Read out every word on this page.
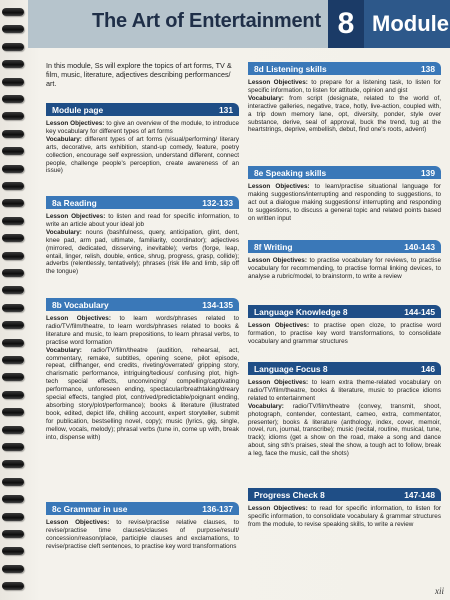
The Art of Entertainment 8 Module
In this module, Ss will explore the topics of art forms, TV & film, music, literature, adjectives describing performances/ art.
Module page	131
Lesson Objectives: to give an overview of the module, to introduce key vocabulary for different types of art forms
Vocabulary: different types of art forms (visual/performing/ literary arts, decorative, arts exhibition, stand-up comedy, feature, poetry collection, encourage self expression, understand different, connect people, challenge people's perception, create awareness of an issue)
8a Reading	132-133
Lesson Objectives: to listen and read for specific information, to write an article about your ideal job
Vocabulary: nouns (bashfulness, query, anticipation, glint, dent, knee pad, arm pad, ultimate, familiarity, coordinator); adjectives (mirrored, dedicated, disserving, inevitable); verbs (forge, leap, entail, linger, relish, double, entice, shrug, progress, grasp, collide); adverbs (relentlessly, tentatively); phrases (risk life and limb, slip off the tongue)
8b Vocabulary	134-135
Lesson Objectives: to learn words/phrases related to radio/TV/film/theatre, to learn words/phrases related to books & literature and music, to learn prepositions, to learn phrasal verbs, to practise word formation
Vocabulary: radio/TV/film/theatre (audition, rehearsal, act, commentary, remake, subtitles, opening scene, pilot episode, repeat, cliffhanger, end credits, riveting/overrated/ gripping story, charismatic performance, intriguing/tedious/ confusing plot, high-tech special effects, unconvincing/ compelling/captivating performance, unforeseen ending, spectacular/breathtaking/dreary special effects, tangled plot, contrived/predictable/poignant ending, absorbing story/plot/performance); books & literature (illustrated book, edited, depict life, chilling account, expert storyteller, submit for publication, bestselling novel, copy); music (lyrics, gig, single, mellow, vocals, melody); phrasal verbs (tune in, come up with, break into, dispense with)
8c Grammar in use	136-137
Lesson Objectives: to revise/practise relative clauses, to revise/practise time clauses/clauses of purpose/result/ concession/reason/place, participle clauses and exclamations, to revise/practise cleft sentences, to practise key word transformations
8d Listening skills	138
Lesson Objectives: to prepare for a listening task, to listen for specific information, to listen for attitude, opinion and gist
Vocabulary: from script (designate, related to the world of, interactive galleries, negative, trace, hotly, live-action, coupled with, a trip down memory lane, opt, diversity, ponder, style over substance, derive, seal of approval, buck the trend, tug at the heartstrings, deprive, embellish, debut, find one's roots, advent)
8e Speaking skills	139
Lesson Objectives: to learn/practise situational language for making suggestions/interrupting and responding to suggestions, to act out a dialogue making suggestions/ interrupting and responding to suggestions, to discuss a general topic and related points based on written input
8f Writing	140-143
Lesson Objectives: to practise vocabulary for reviews, to practise vocabulary for recommending, to practise formal linking devices, to analyse a rubric/model, to brainstorm, to write a review
Language Knowledge 8	144-145
Lesson Objectives: to practise open cloze, to practise word formation, to practise key word transformations, to consolidate vocabulary and grammar structures
Language Focus 8	146
Lesson Objectives: to learn extra theme-related vocabulary on radio/TV/film/theatre, books & literature, music to practice idioms related to entertainment
Vocabulary: radio/TV/film/theatre (convey, transmit, shoot, photograph, contender, contestant, cameo, extra, commentator, presenter); books & literature (anthology, index, cover, memoir, novel, run, journal, transcribe); music (recital, routine, musical, tune, track); idioms (get a show on the road, make a song and dance about, sing sth's praises, steal the show, a tough act to follow, break a leg, face the music, call the shots)
Progress Check 8	147-148
Lesson Objectives: to read for specific information, to listen for specific information, to consolidate vocabulary & grammar structures from the module, to revise speaking skills, to write a review
xii
